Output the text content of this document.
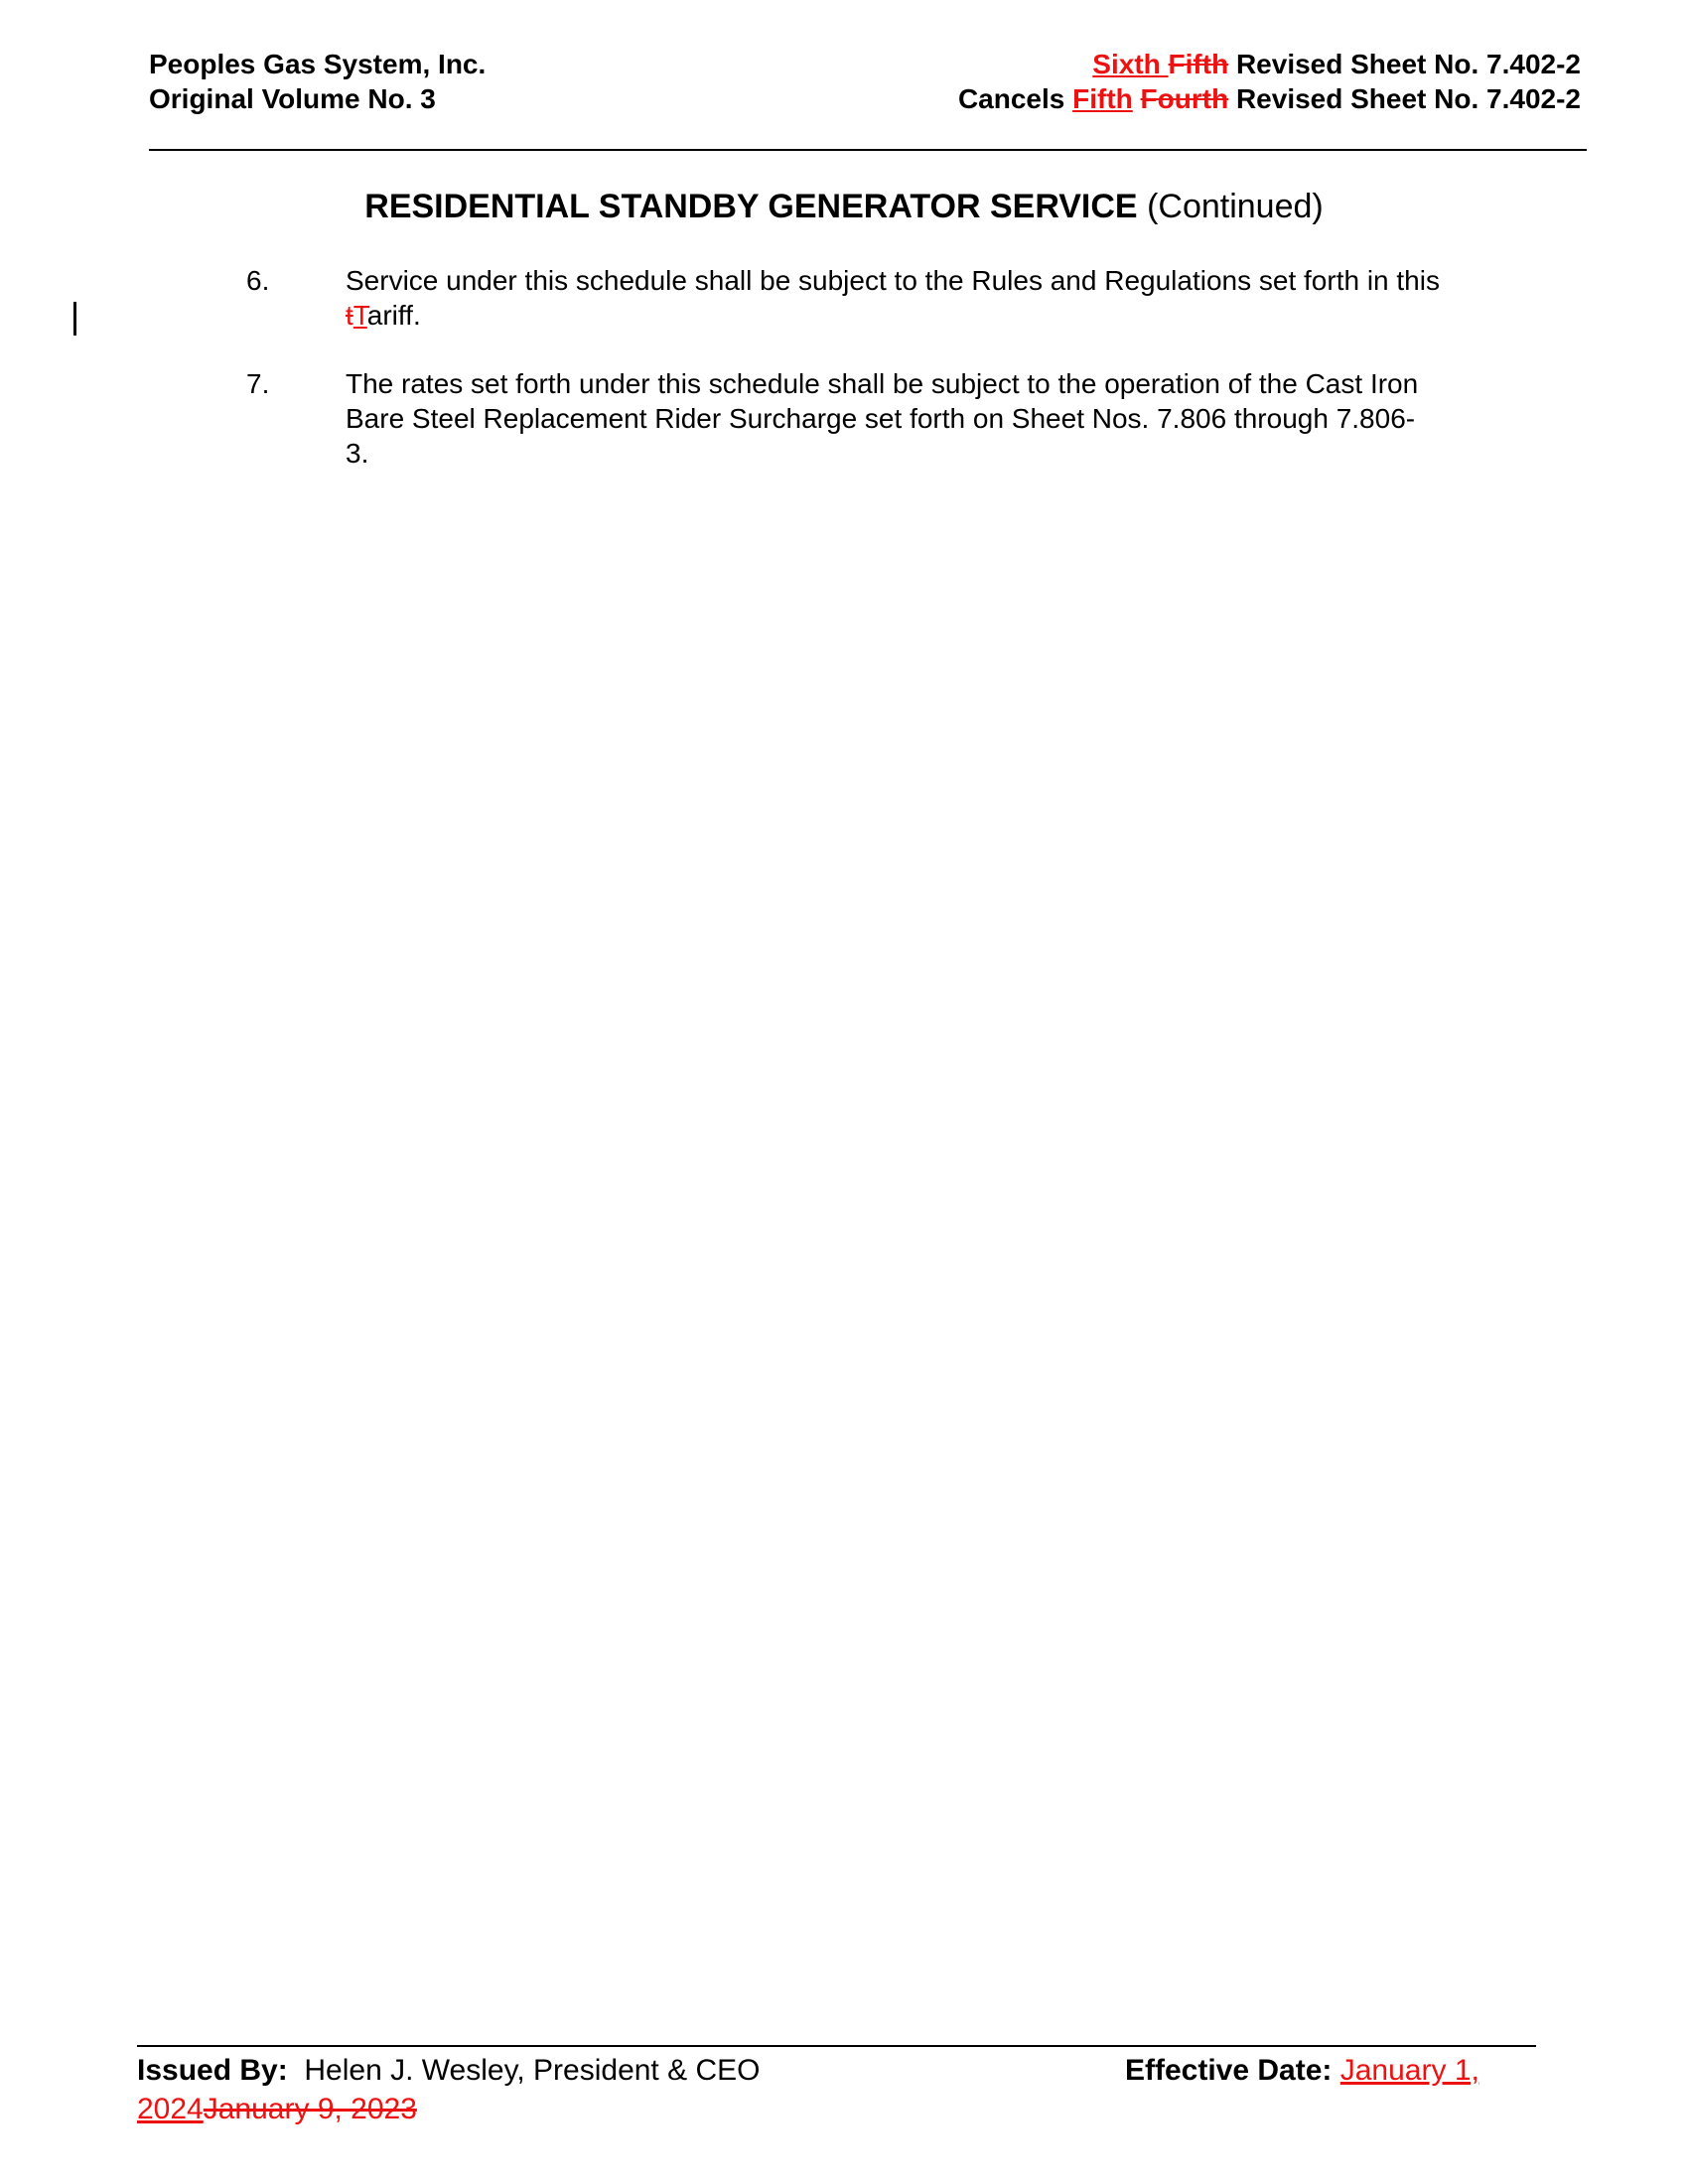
Peoples Gas System, Inc.
Original Volume No. 3
Sixth Fifth Revised Sheet No. 7.402-2
Cancels Fifth Fourth Revised Sheet No. 7.402-2
RESIDENTIAL STANDBY GENERATOR SERVICE (Continued)
6.	Service under this schedule shall be subject to the Rules and Regulations set forth in this
tTariff.
7.	The rates set forth under this schedule shall be subject to the operation of the Cast Iron
Bare Steel Replacement Rider Surcharge set forth on Sheet Nos. 7.806 through 7.806-
3.
Issued By:  Helen J. Wesley, President & CEO	Effective Date: January 1,
2024January 9, 2023
